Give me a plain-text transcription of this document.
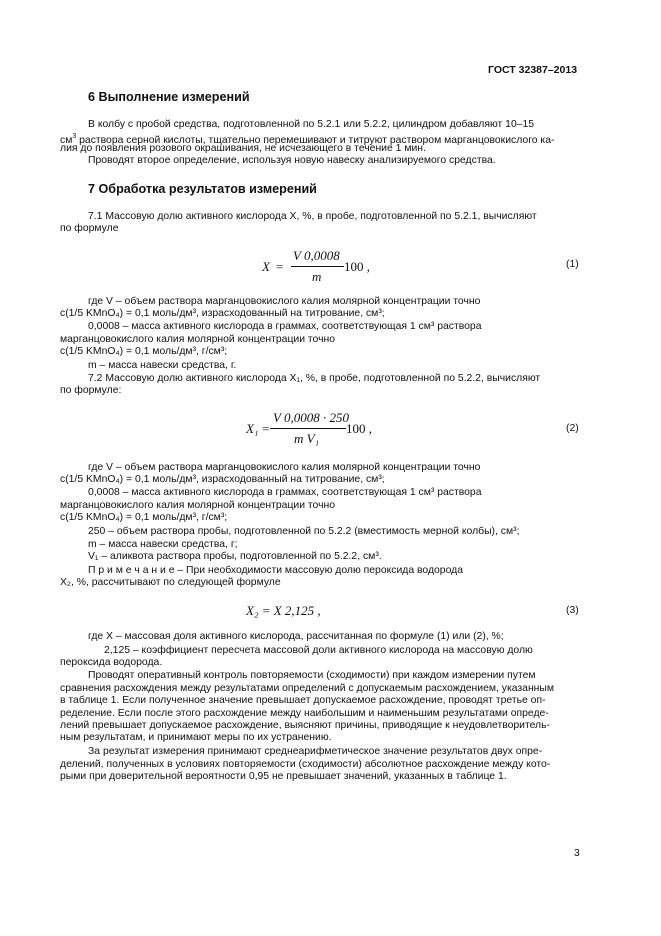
ГОСТ 32387–2013
6 Выполнение измерений
В колбу с пробой средства, подготовленной по 5.2.1 или 5.2.2, цилиндром добавляют 10–15
$см^3$ раствора серной кислоты, тщательно перемешивают и титруют раствором марганцовокислого ка-
лия до появления розового окрашивания, не исчезающего в течение 1 мин.
Проводят второе определение, используя новую навеску анализируемого средства.
7 Обработка результатов измерений
7.1 Массовую долю активного кислорода X, %, в пробе, подготовленной по 5.2.1, вычисляют
по формуле
X =
V 0,0008
m
100 ,	(1)
где V – объем раствора марганцовокислого калия молярной концентрации точно
c(1/5 KMnO₄) = 0,1 моль/дм³, израсходованный на титрование, см³;
0,0008 – масса активного кислорода в граммах, соответствующая 1 см³ раствора
марганцовокислого калия молярной концентрации точно
c(1/5 KMnO₄) = 0,1 моль/дм³, г/см³;
m – масса навески средства, г.
7.2 Массовую долю активного кислорода X₁, %, в пробе, подготовленной по 5.2.2, вычисляют
по формуле:
X₁ =
V 0,0008 · 250
m V₁
100 ,	(2)
где V – объем раствора марганцовокислого калия молярной концентрации точно
c(1/5 KMnO₄) = 0,1 моль/дм³, израсходованный на титрование, см³;
0,0008 – масса активного кислорода в граммах, соответствующая 1 см³ раствора
марганцовокислого калия молярной концентрации точно
c(1/5 KMnO₄) = 0,1 моль/дм³, г/см³;
250 – объем раствора пробы, подготовленной по 5.2.2 (вместимость мерной колбы), см³;
m – масса навески средства, г;
V₁ – аликвота раствора пробы, подготовленной по 5.2.2, см³.
П р и м е ч а н и е – При необходимости массовую долю пероксида водорода
X₂, %, рассчитывают по следующей формуле
X₂ = X 2,125 ,	(3)
где X – массовая доля активного кислорода, рассчитанная по формуле (1) или (2), %;
2,125 – коэффициент пересчета массовой доли активного кислорода на массовую долю
пероксида водорода.
Проводят оперативный контроль повторяемости (сходимости) при каждом измерении путем
сравнения расхождения между результатами определений с допускаемым расхождением, указанным
в таблице 1. Если полученное значение превышает допускаемое расхождение, проводят третье оп-
ределение. Если после этого расхождение между наибольшим и наименьшим результатами опреде-
лений превышает допускаемое расхождение, выясняют причины, приводящие к неудовлетворитель-
ным результатам, и принимают меры по их устранению.
За результат измерения принимают среднеарифметическое значение результатов двух опре-
делений, полученных в условиях повторяемости (сходимости) абсолютное расхождение между кото-
рыми при доверительной вероятности 0,95 не превышает значений, указанных в таблице 1.
3
